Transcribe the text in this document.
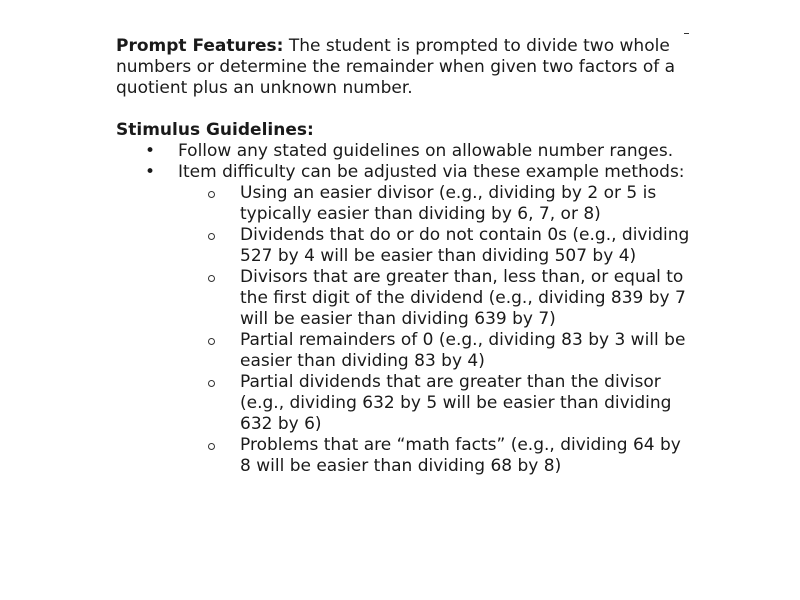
Prompt Features: The student is prompted to divide two whole numbers or determine the remainder when given two factors of a quotient plus an unknown number.

Stimulus Guidelines:

• Follow any stated guidelines on allowable number ranges.
• Item difficulty can be adjusted via these example methods:
Using an easier divisor (e.g., dividing by 2 or 5 is typically easier than dividing by 6, 7, or 8)
Dividends that do or do not contain 0s (e.g., dividing 527 by 4 will be easier than dividing 507 by 4)
Divisors that are greater than, less than, or equal to the first digit of the dividend (e.g., dividing 839 by 7 will be easier than dividing 639 by 7)
Partial remainders of 0 (e.g., dividing 83 by 3 will be easier than dividing 83 by 4)
Partial dividends that are greater than the divisor (e.g., dividing 632 by 5 will be easier than dividing 632 by 6)
Problems that are “math facts” (e.g., dividing 64 by 8 will be easier than dividing 68 by 8)
